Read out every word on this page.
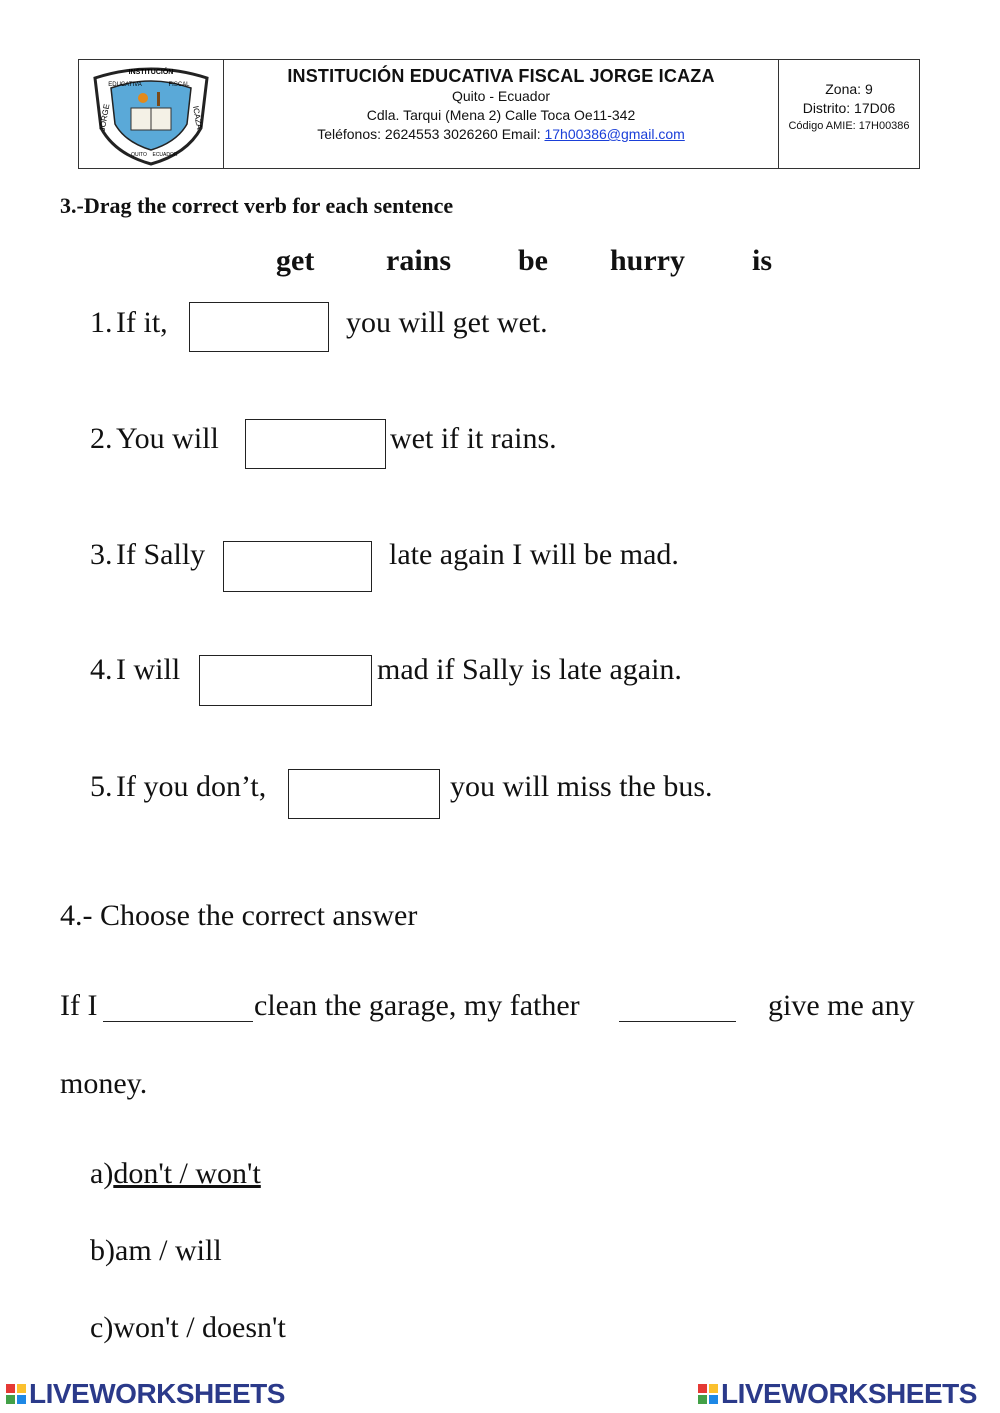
INSTITUCIÓN
EDUCATIVA	FISCAL
JORGE	ICAZA
QUITO ECUADOR
INSTITUCIÓN EDUCATIVA FISCAL JORGE ICAZA
Quito - Ecuador
Cdla. Tarqui (Mena 2) Calle Toca Oe11-342
Teléfonos: 2624553 3026260 Email: 17h00386@gmail.com
Zona: 9
Distrito: 17D06
Código AMIE: 17H00386
3.-Drag the correct verb for each sentence
get rains be hurry is
1. If it,	you will get wet.
2. You will	wet if it rains.
3. If Sally	late again I will be mad.
4. I will	mad if Sally is late again.
5. If you don’t,	you will miss the bus.
4.- Choose the correct answer
If I	clean the garage, my father	give me any
money.
a)don't / won't
b)am / will
c)won't / doesn't
LIVEWORKSHEETS	LIVEWORKSHEETS
